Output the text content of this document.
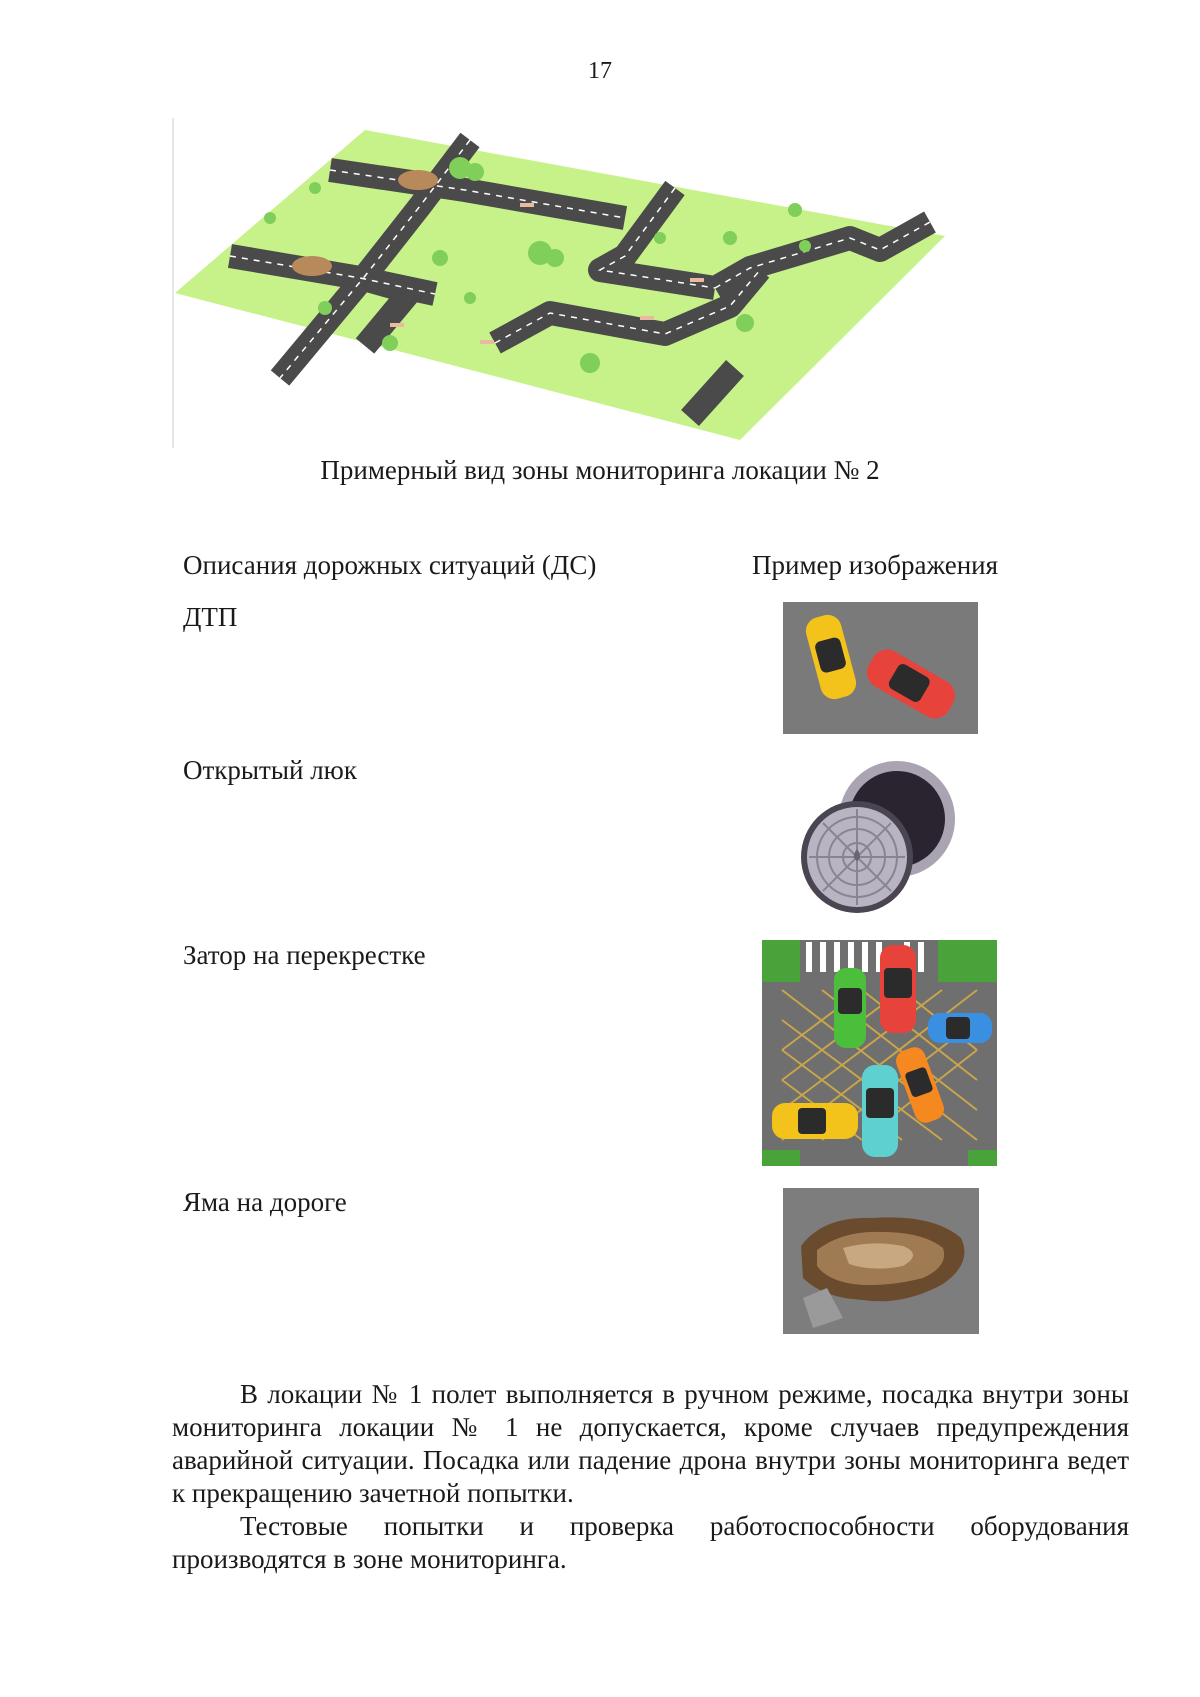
17
Примерный вид зоны мониторинга локации № 2
Описания дорожных ситуаций (ДС)	Пример изображения
ДТП
Открытый люк
Затор на перекрестке
Яма на дороге

В локации № 1 полет выполняется в ручном режиме, посадка внутри зоны мониторинга локации № 1 не допускается, кроме случаев предупреждения аварийной ситуации. Посадка или падение дрона внутри зоны мониторинга ведет к прекращению зачетной попытки.

Тестовые попытки и проверка работоспособности оборудования производятся в зоне мониторинга.
